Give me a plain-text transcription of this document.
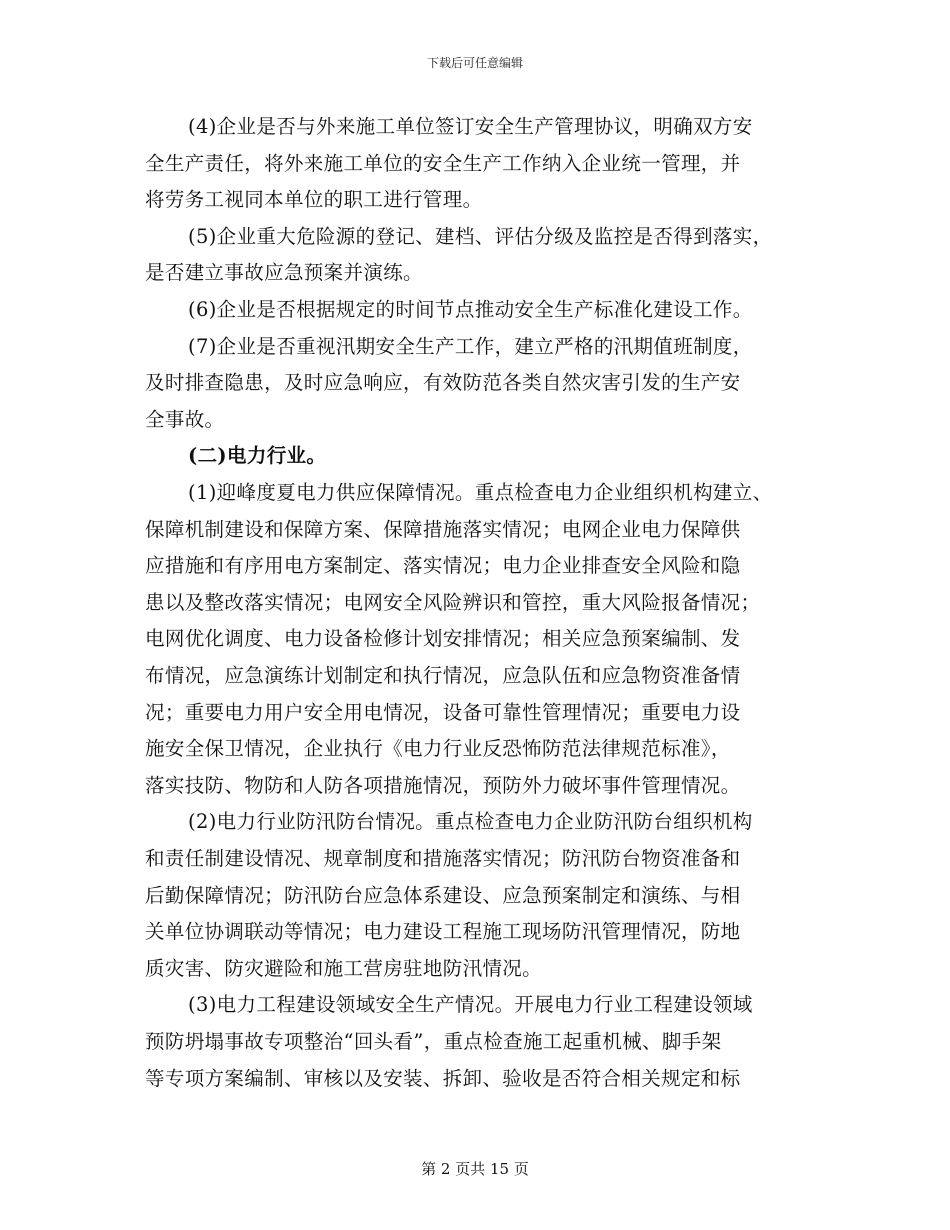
下载后可任意编辑
(4)企业是否与外来施工单位签订安全生产管理协议，明确双方安
全生产责任，将外来施工单位的安全生产工作纳入企业统一管理，并
将劳务工视同本单位的职工进行管理。
(5)企业重大危险源的登记、建档、评估分级及监控是否得到落实，
是否建立事故应急预案并演练。
(6)企业是否根据规定的时间节点推动安全生产标准化建设工作。
(7)企业是否重视汛期安全生产工作，建立严格的汛期值班制度，
及时排查隐患，及时应急响应，有效防范各类自然灾害引发的生产安
全事故。
(二)电力行业。
(1)迎峰度夏电力供应保障情况。重点检查电力企业组织机构建立、
保障机制建设和保障方案、保障措施落实情况；电网企业电力保障供
应措施和有序用电方案制定、落实情况；电力企业排查安全风险和隐
患以及整改落实情况；电网安全风险辨识和管控，重大风险报备情况；
电网优化调度、电力设备检修计划安排情况；相关应急预案编制、发
布情况，应急演练计划制定和执行情况，应急队伍和应急物资准备情
况；重要电力用户安全用电情况，设备可靠性管理情况；重要电力设
施安全保卫情况，企业执行《电力行业反恐怖防范法律规范标准》，
落实技防、物防和人防各项措施情况，预防外力破坏事件管理情况。
(2)电力行业防汛防台情况。重点检查电力企业防汛防台组织机构
和责任制建设情况、规章制度和措施落实情况；防汛防台物资准备和
后勤保障情况；防汛防台应急体系建设、应急预案制定和演练、与相
关单位协调联动等情况；电力建设工程施工现场防汛管理情况，防地
质灾害、防灾避险和施工营房驻地防汛情况。
(3)电力工程建设领域安全生产情况。开展电力行业工程建设领域
预防坍塌事故专项整治“回头看”，重点检查施工起重机械、脚手架
等专项方案编制、审核以及安装、拆卸、验收是否符合相关规定和标
第 2 页共 15 页
